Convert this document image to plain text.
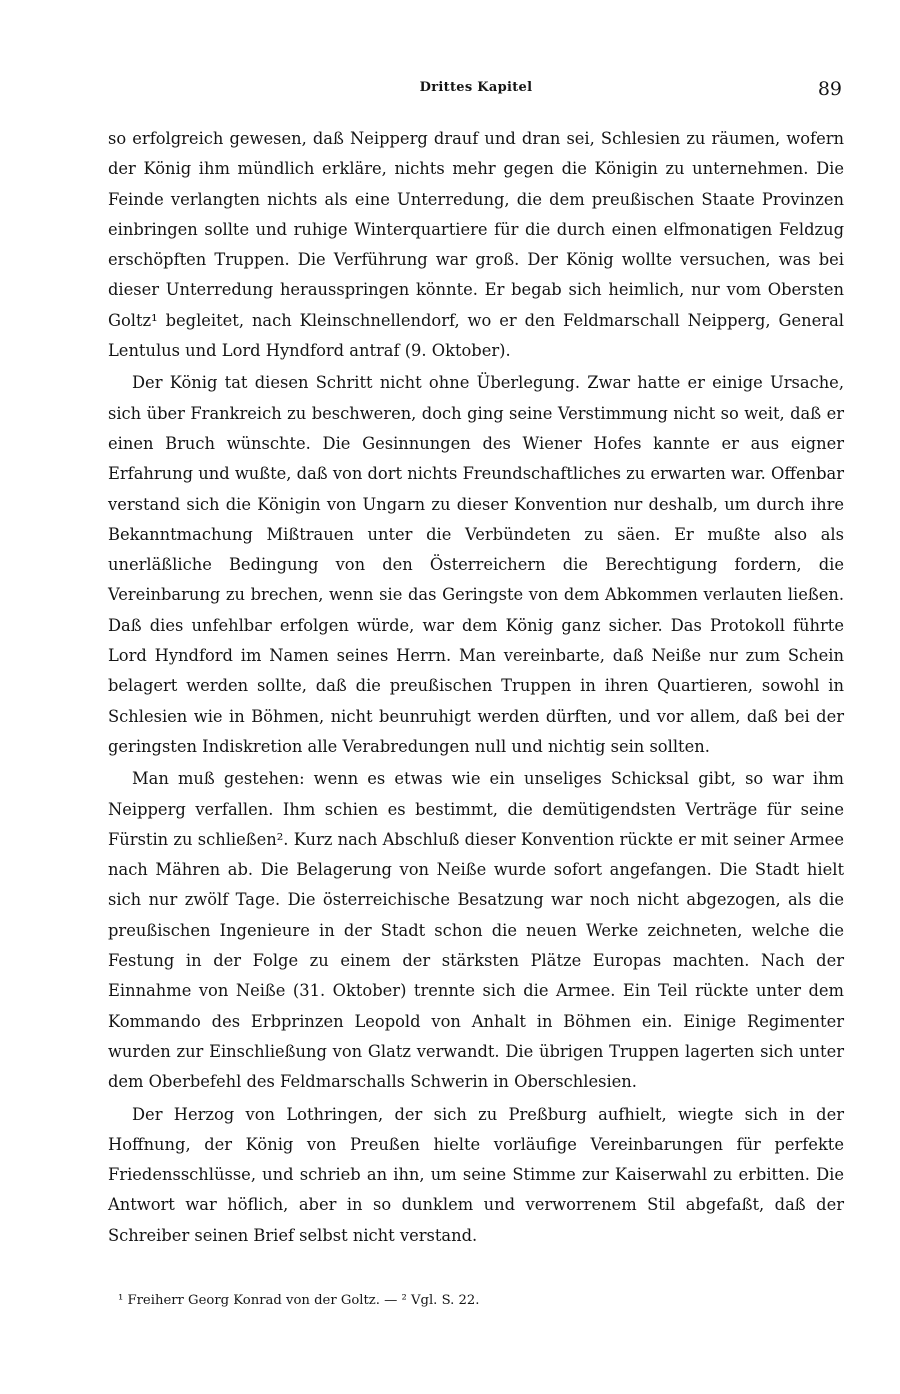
Drittes Kapitel	89

so erfolgreich gewesen, daß Neipperg drauf und dran sei, Schlesien zu räumen, wofern der König ihm mündlich erkläre, nichts mehr gegen die Königin zu unternehmen. Die Feinde verlangten nichts als eine Unterredung, die dem preußischen Staate Provinzen einbringen sollte und ruhige Winterquartiere für die durch einen elfmonatigen Feldzug erschöpften Truppen. Die Verführung war groß. Der König wollte versuchen, was bei dieser Unterredung herausspringen könnte. Er begab sich heimlich, nur vom Obersten Goltz¹ begleitet, nach Kleinschnellendorf, wo er den Feldmarschall Neipperg, General Lentulus und Lord Hyndford antraf (9. Oktober).

Der König tat diesen Schritt nicht ohne Überlegung. Zwar hatte er einige Ursache, sich über Frankreich zu beschweren, doch ging seine Verstimmung nicht so weit, daß er einen Bruch wünschte. Die Gesinnungen des Wiener Hofes kannte er aus eigner Erfahrung und wußte, daß von dort nichts Freundschaftliches zu erwarten war. Offenbar verstand sich die Königin von Ungarn zu dieser Konvention nur deshalb, um durch ihre Bekanntmachung Mißtrauen unter die Verbündeten zu säen. Er mußte also als unerläßliche Bedingung von den Österreichern die Berechtigung fordern, die Vereinbarung zu brechen, wenn sie das Geringste von dem Abkommen verlauten ließen. Daß dies unfehlbar erfolgen würde, war dem König ganz sicher. Das Protokoll führte Lord Hyndford im Namen seines Herrn. Man vereinbarte, daß Neiße nur zum Schein belagert werden sollte, daß die preußischen Truppen in ihren Quartieren, sowohl in Schlesien wie in Böhmen, nicht beunruhigt werden dürften, und vor allem, daß bei der geringsten Indiskretion alle Verabredungen null und nichtig sein sollten.

Man muß gestehen: wenn es etwas wie ein unseliges Schicksal gibt, so war ihm Neipperg verfallen. Ihm schien es bestimmt, die demütigendsten Verträge für seine Fürstin zu schließen². Kurz nach Abschluß dieser Konvention rückte er mit seiner Armee nach Mähren ab. Die Belagerung von Neiße wurde sofort angefangen. Die Stadt hielt sich nur zwölf Tage. Die österreichische Besatzung war noch nicht abgezogen, als die preußischen Ingenieure in der Stadt schon die neuen Werke zeichneten, welche die Festung in der Folge zu einem der stärksten Plätze Europas machten. Nach der Einnahme von Neiße (31. Oktober) trennte sich die Armee. Ein Teil rückte unter dem Kommando des Erbprinzen Leopold von Anhalt in Böhmen ein. Einige Regimenter wurden zur Einschließung von Glatz verwandt. Die übrigen Truppen lagerten sich unter dem Oberbefehl des Feldmarschalls Schwerin in Oberschlesien.

Der Herzog von Lothringen, der sich zu Preßburg aufhielt, wiegte sich in der Hoffnung, der König von Preußen hielte vorläufige Vereinbarungen für perfekte Friedensschlüsse, und schrieb an ihn, um seine Stimme zur Kaiserwahl zu erbitten. Die Antwort war höflich, aber in so dunklem und verworrenem Stil abgefaßt, daß der Schreiber seinen Brief selbst nicht verstand.

¹ Freiherr Georg Konrad von der Goltz. — ² Vgl. S. 22.
